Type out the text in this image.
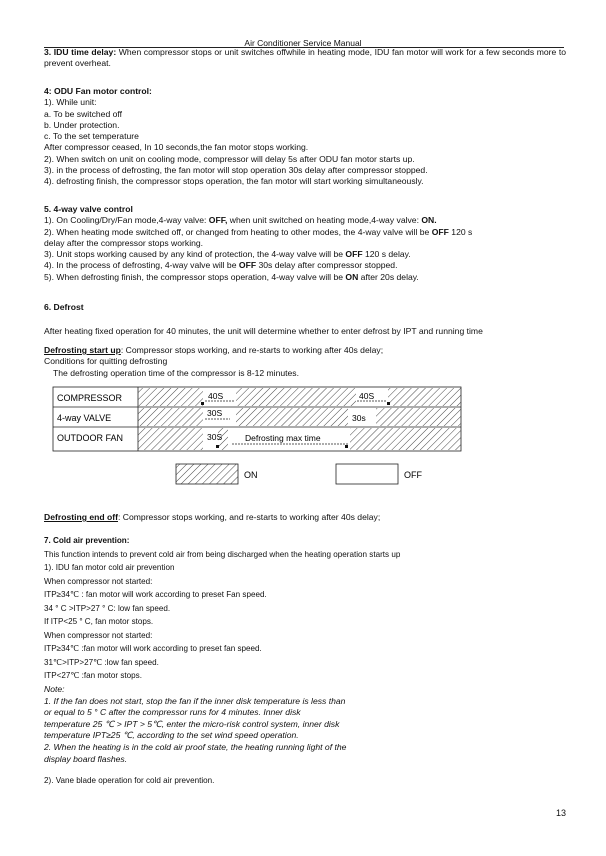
Air Conditioner Service Manual

3. IDU time delay: When compressor stops or unit switches offwhile in heating mode, IDU fan motor will work for a few seconds more to prevent overheat.

4: ODU Fan motor control:

1). While unit:

a. To be switched off

b. Under protection.

c. To the set temperature

After compressor ceased, In 10 seconds,the fan motor stops working.

2). When switch on unit on cooling mode, compressor will delay 5s after ODU fan motor starts up.

3). in the process of defrosting, the fan motor will stop operation 30s delay after compressor stopped.

4). defrosting finish, the compressor stops operation, the fan motor will start working simultaneously.

5. 4-way valve control

1). On Cooling/Dry/Fan mode,4-way valve: OFF, when unit switched on heating mode,4-way valve: ON.

2). When heating mode switched off, or changed from heating to other modes, the 4-way valve will be OFF 120 s

delay after the compressor stops working.

3). Unit stops working caused by any kind of protection, the 4-way valve will be OFF 120 s delay.

4). In the process of defrosting, 4-way valve will be OFF 30s delay after compressor stopped.

5). When defrosting finish, the compressor stops operation, 4-way valve will be ON after 20s delay.

6. Defrost

After heating fixed operation for 40 minutes, the unit will determine whether to enter defrost by IPT and running time

Defrosting start up: Compressor stops working, and re-starts to working after 40s delay;

Conditions for quitting defrosting

The defrosting operation time of the compressor is 8-12 minutes.

COMPRESSOR
4-way VALVE
OUTDOOR FAN
40S	40S
30S	30s
30S	Defrosting max time
ON	OFF

Defrosting end off: Compressor stops working, and re-starts to working after 40s delay;

7. Cold air prevention:

This function intends to prevent cold air from being discharged when the heating operation starts up

1). IDU fan motor cold air prevention

When compressor not started:

ITP≥34℃ : fan motor will work according to preset Fan speed.

34 ° C >ITP>27 ° C: low fan speed.

If ITP<25 ° C, fan motor stops.

When compressor not started:

ITP≥34℃ :fan motor will work according to preset fan speed.

31℃>ITP>27℃ :low fan speed.

ITP<27℃ :fan motor stops.

Note:

1. If the fan does not start, stop the fan if the inner disk temperature is less than

or equal to 5 ° C after the compressor runs for 4 minutes. Inner disk

temperature 25 ℃ > IPT > 5℃, enter the micro-risk control system, inner disk

temperature IPT≥25 ℃, according to the set wind speed operation.

2. When the heating is in the cold air proof state, the heating running light of the

display board flashes.

2). Vane blade operation for cold air prevention.

13
